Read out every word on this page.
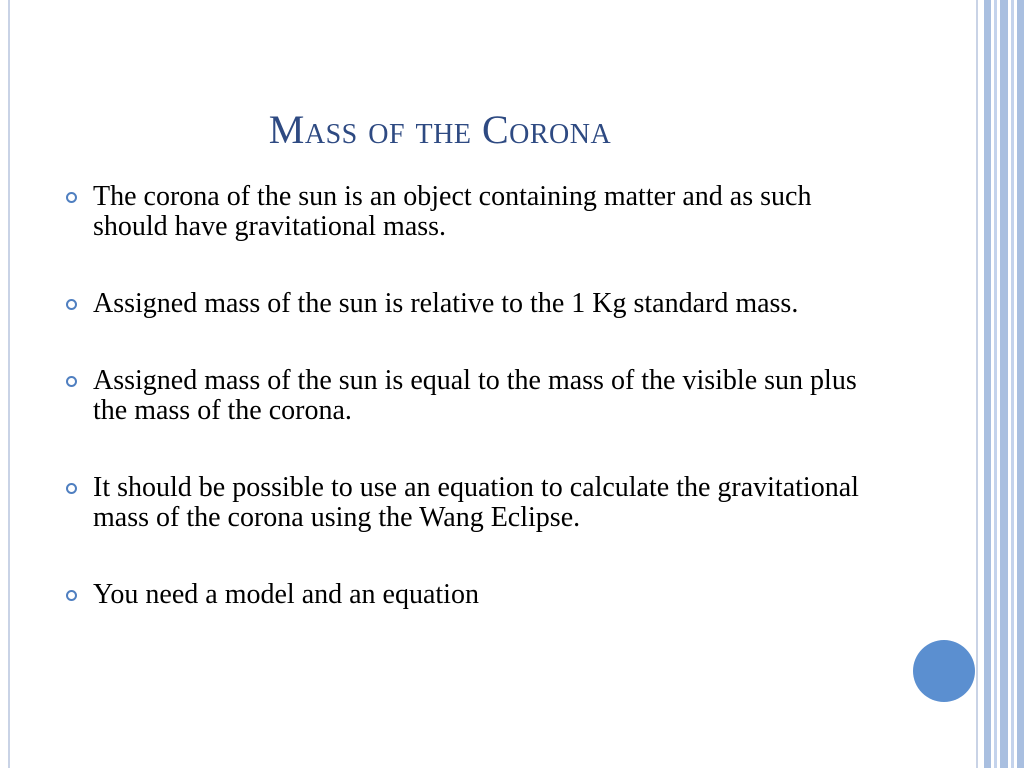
Mass of the Corona
The corona of the sun is an object containing matter and as such should have gravitational mass.
Assigned mass of the sun is relative to the 1 Kg standard mass.
Assigned mass of the sun is equal to the mass of the visible sun plus the mass of the corona.
It should be possible to use an equation to calculate the gravitational mass of the corona using the Wang Eclipse.
You need a model and an equation
